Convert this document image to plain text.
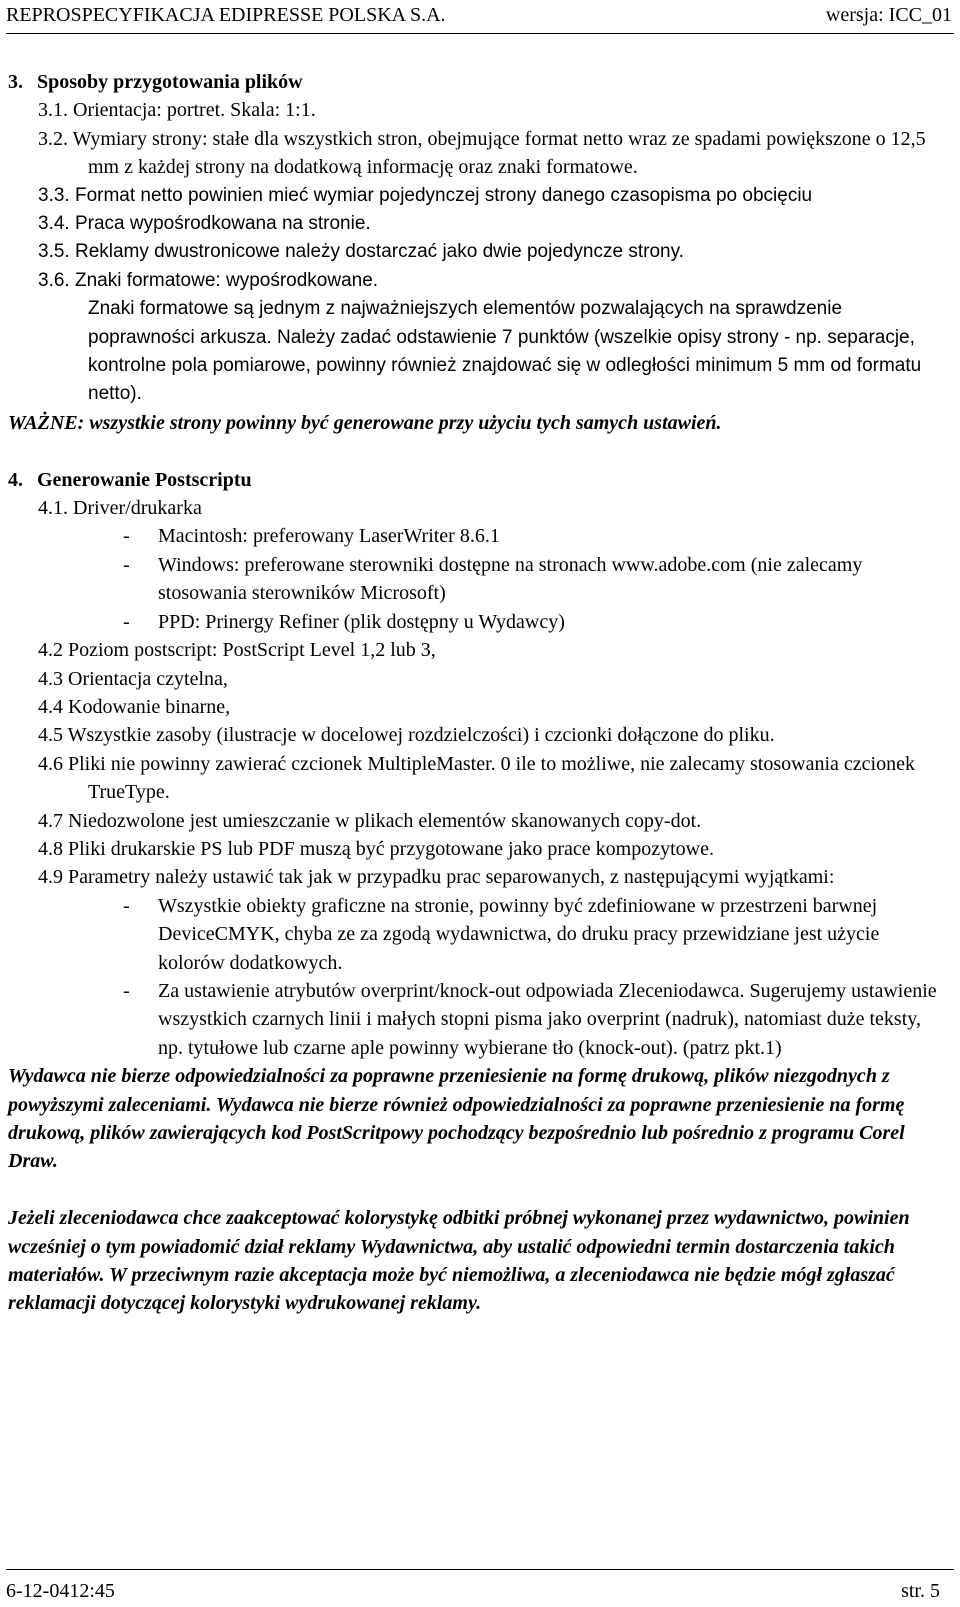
REPROSPECYFIKACJA EDIPRESSE POLSKA S.A.	wersja: ICC_01

3. Sposoby przygotowania plików

3.1. Orientacja: portret. Skala: 1:1.

3.2. Wymiary strony: stałe dla wszystkich stron, obejmujące format netto wraz ze spadami powiększone o 12,5 mm z każdej strony na dodatkową informację oraz znaki formatowe.

3.3. Format netto powinien mieć wymiar pojedynczej strony danego czasopisma po obcięciu

3.4. Praca wypośrodkowana na stronie.

3.5. Reklamy dwustronicowe należy dostarczać jako dwie pojedyncze strony.

3.6. Znaki formatowe: wypośrodkowane.

Znaki formatowe są jednym z najważniejszych elementów pozwalających na sprawdzenie poprawności arkusza. Należy zadać odstawienie 7 punktów (wszelkie opisy strony - np. separacje, kontrolne pola pomiarowe, powinny również znajdować się w odległości minimum 5 mm od formatu netto).

WAŻNE: wszystkie strony powinny być generowane przy użyciu tych samych ustawień.

4. Generowanie Postscriptu

4.1. Driver/drukarka

- Macintosh: preferowany LaserWriter 8.6.1

- Windows: preferowane sterowniki dostępne na stronach www.adobe.com (nie zalecamy stosowania sterowników Microsoft)

- PPD: Prinergy Refiner (plik dostępny u Wydawcy)

4.2 Poziom postscript: PostScript Level 1,2 lub 3,

4.3 Orientacja czytelna,

4.4 Kodowanie binarne,

4.5 Wszystkie zasoby (ilustracje w docelowej rozdzielczości) i czcionki dołączone do pliku.

4.6 Pliki nie powinny zawierać czcionek MultipleMaster. 0 ile to możliwe, nie zalecamy stosowania czcionek TrueType.

4.7 Niedozwolone jest umieszczanie w plikach elementów skanowanych copy-dot.

4.8 Pliki drukarskie PS lub PDF muszą być przygotowane jako prace kompozytowe.

4.9 Parametry należy ustawić tak jak w przypadku prac separowanych, z następującymi wyjątkami:

- Wszystkie obiekty graficzne na stronie, powinny być zdefiniowane w przestrzeni barwnej DeviceCMYK, chyba ze za zgodą wydawnictwa, do druku pracy przewidziane jest użycie kolorów dodatkowych.

- Za ustawienie atrybutów overprint/knock-out odpowiada Zleceniodawca. Sugerujemy ustawienie wszystkich czarnych linii i małych stopni pisma jako overprint (nadruk), natomiast duże teksty, np. tytułowe lub czarne aple powinny wybierane tło (knock-out). (patrz pkt.1)

Wydawca nie bierze odpowiedzialności za poprawne przeniesienie na formę drukową, plików niezgodnych z powyższymi zaleceniami. Wydawca nie bierze również odpowiedzialności za poprawne przeniesienie na formę drukową, plików zawierających kod PostScritpowy pochodzący bezpośrednio lub pośrednio z programu Corel Draw.

Jeżeli zleceniodawca chce zaakceptować kolorystykę odbitki próbnej wykonanej przez wydawnictwo, powinien wcześniej o tym powiadomić dział reklamy Wydawnictwa, aby ustalić odpowiedni termin dostarczenia takich materiałów. W przeciwnym razie akceptacja może być niemożliwa, a zleceniodawca nie będzie mógł zgłaszać reklamacji dotyczącej kolorystyki wydrukowanej reklamy.

6-12-0412:45	str. 5
